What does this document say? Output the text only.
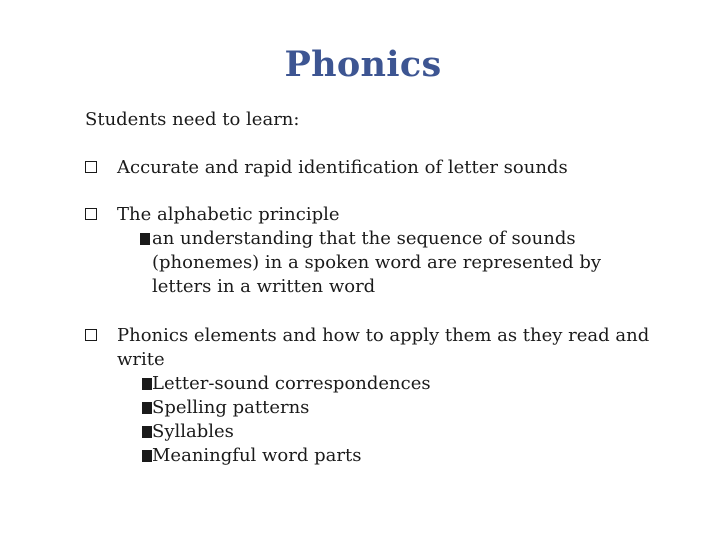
Phonics
Students need to learn:
Accurate and rapid identification of letter sounds
The alphabetic principle
an understanding that the sequence of sounds (phonemes) in a spoken word are represented by letters in a written word
Phonics elements and how to apply them as they read and write
Letter-sound correspondences
Spelling patterns
Syllables
Meaningful word parts
